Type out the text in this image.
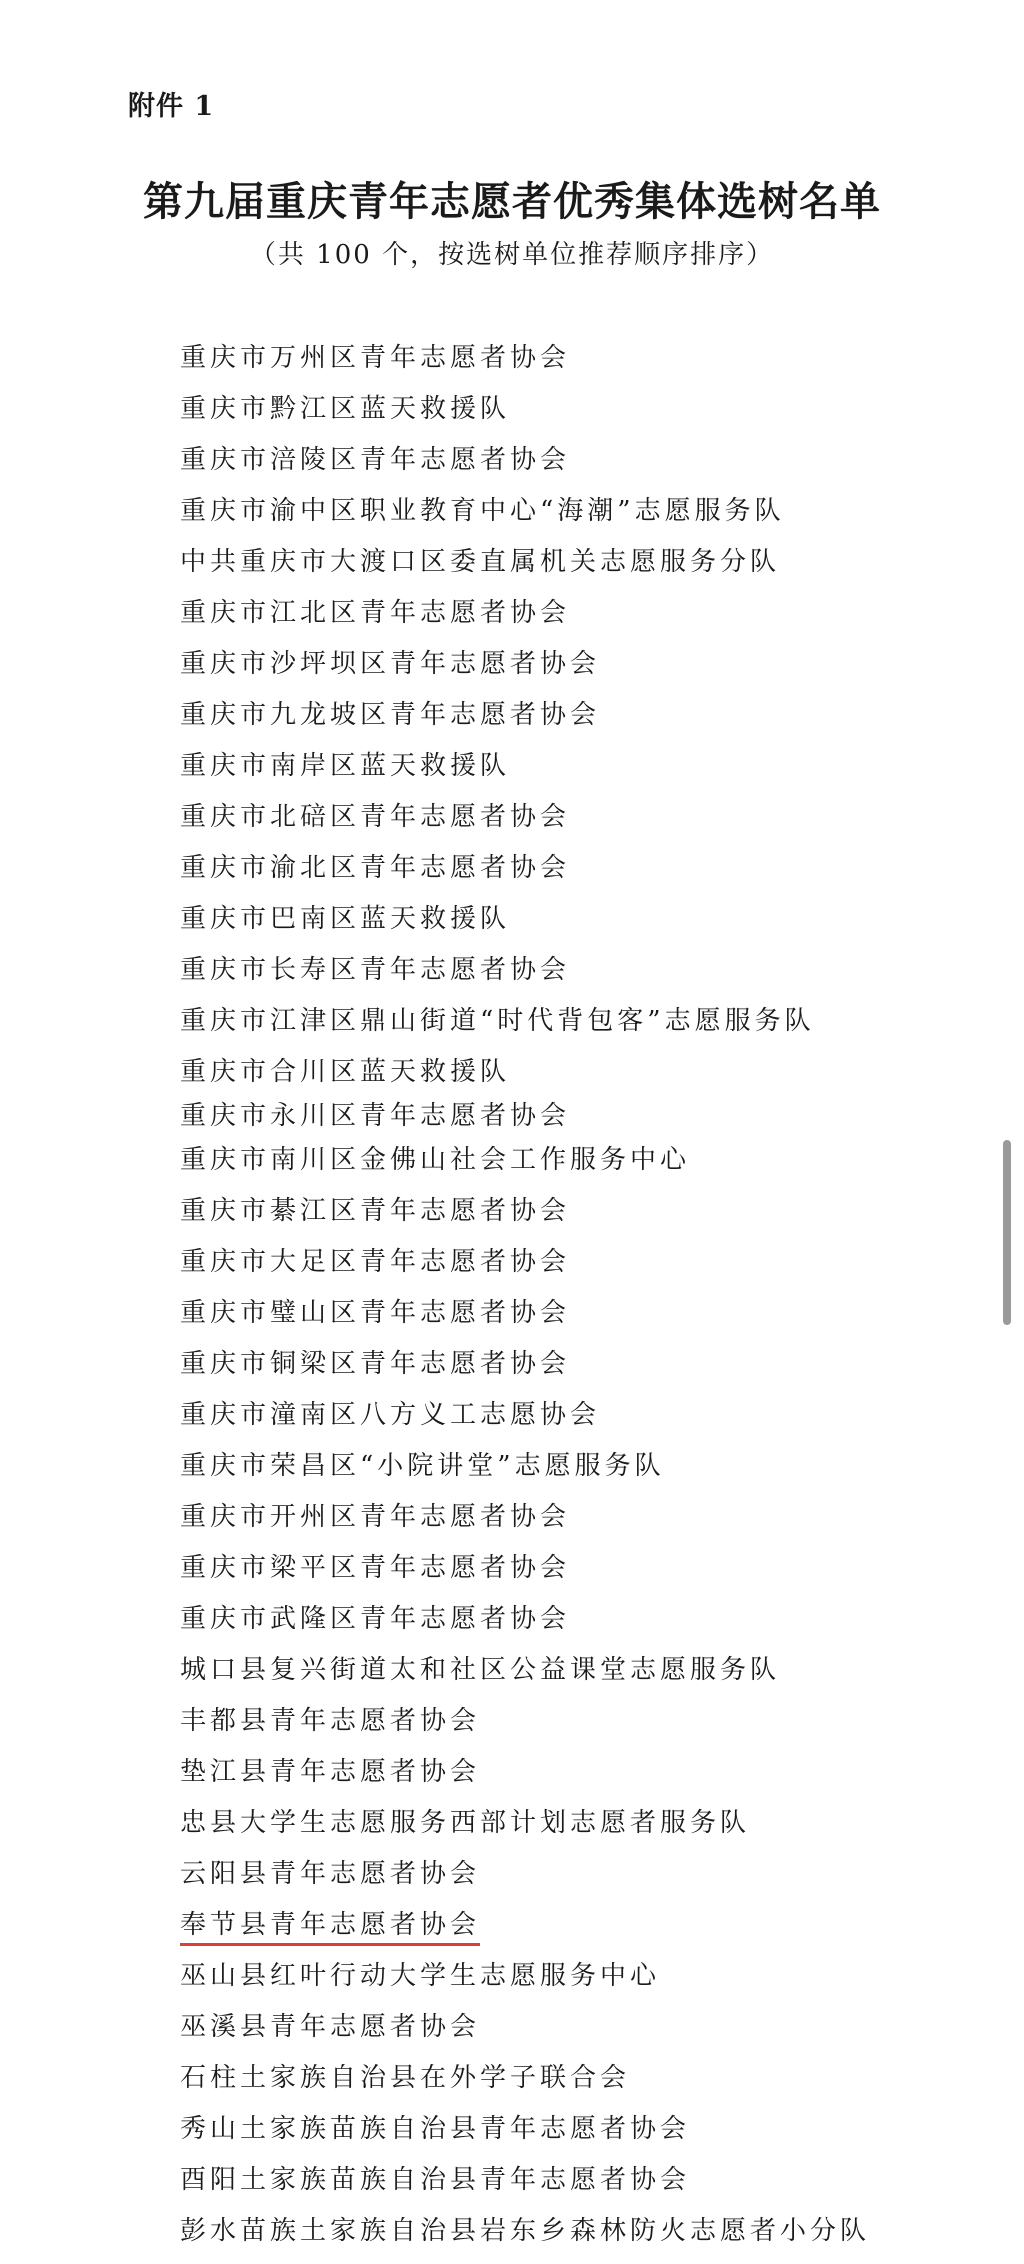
附件 1
第九届重庆青年志愿者优秀集体选树名单
（共 100 个，按选树单位推荐顺序排序）
重庆市万州区青年志愿者协会
重庆市黔江区蓝天救援队
重庆市涪陵区青年志愿者协会
重庆市渝中区职业教育中心“海潮”志愿服务队
中共重庆市大渡口区委直属机关志愿服务分队
重庆市江北区青年志愿者协会
重庆市沙坪坝区青年志愿者协会
重庆市九龙坡区青年志愿者协会
重庆市南岸区蓝天救援队
重庆市北碚区青年志愿者协会
重庆市渝北区青年志愿者协会
重庆市巴南区蓝天救援队
重庆市长寿区青年志愿者协会
重庆市江津区鼎山街道“时代背包客”志愿服务队
重庆市合川区蓝天救援队
重庆市永川区青年志愿者协会
重庆市南川区金佛山社会工作服务中心
重庆市綦江区青年志愿者协会
重庆市大足区青年志愿者协会
重庆市璧山区青年志愿者协会
重庆市铜梁区青年志愿者协会
重庆市潼南区八方义工志愿协会
重庆市荣昌区“小院讲堂”志愿服务队
重庆市开州区青年志愿者协会
重庆市梁平区青年志愿者协会
重庆市武隆区青年志愿者协会
城口县复兴街道太和社区公益课堂志愿服务队
丰都县青年志愿者协会
垫江县青年志愿者协会
忠县大学生志愿服务西部计划志愿者服务队
云阳县青年志愿者协会
奉节县青年志愿者协会
巫山县红叶行动大学生志愿服务中心
巫溪县青年志愿者协会
石柱土家族自治县在外学子联合会
秀山土家族苗族自治县青年志愿者协会
酉阳土家族苗族自治县青年志愿者协会
彭水苗族土家族自治县岩东乡森林防火志愿者小分队
